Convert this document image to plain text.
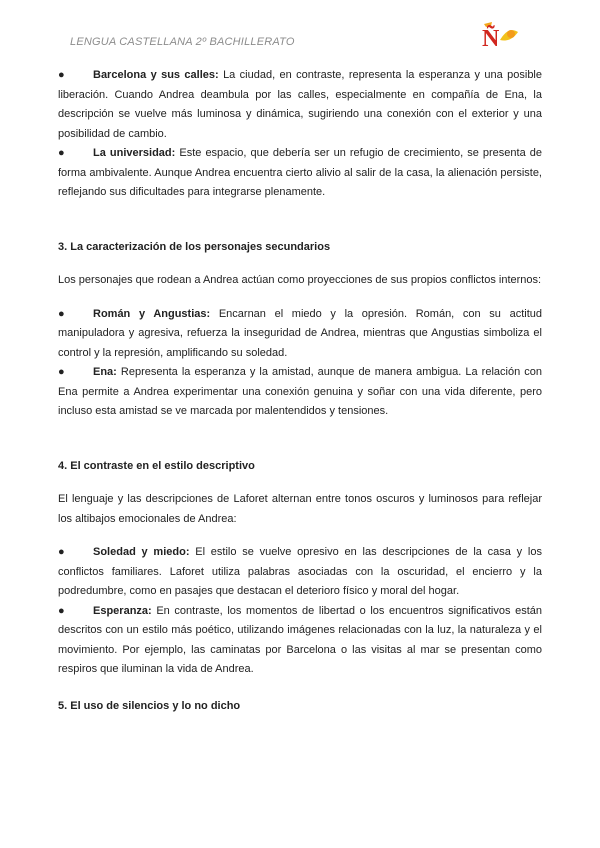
LENGUA CASTELLANA 2º BACHILLERATO	Ñ

●	Barcelona y sus calles: La ciudad, en contraste, representa la esperanza y una posible liberación. Cuando Andrea deambula por las calles, especialmente en compañía de Ena, la descripción se vuelve más luminosa y dinámica, sugiriendo una conexión con el exterior y una posibilidad de cambio.

●	La universidad: Este espacio, que debería ser un refugio de crecimiento, se presenta de forma ambivalente. Aunque Andrea encuentra cierto alivio al salir de la casa, la alienación persiste, reflejando sus dificultades para integrarse plenamente.

3. La caracterización de los personajes secundarios

Los personajes que rodean a Andrea actúan como proyecciones de sus propios conflictos internos:

●	Román y Angustias: Encarnan el miedo y la opresión. Román, con su actitud manipuladora y agresiva, refuerza la inseguridad de Andrea, mientras que Angustias simboliza el control y la represión, amplificando su soledad.

●	Ena: Representa la esperanza y la amistad, aunque de manera ambigua. La relación con Ena permite a Andrea experimentar una conexión genuina y soñar con una vida diferente, pero incluso esta amistad se ve marcada por malentendidos y tensiones.

4. El contraste en el estilo descriptivo

El lenguaje y las descripciones de Laforet alternan entre tonos oscuros y luminosos para reflejar los altibajos emocionales de Andrea:

●	Soledad y miedo: El estilo se vuelve opresivo en las descripciones de la casa y los conflictos familiares. Laforet utiliza palabras asociadas con la oscuridad, el encierro y la podredumbre, como en pasajes que destacan el deterioro físico y moral del hogar.

●	Esperanza: En contraste, los momentos de libertad o los encuentros significativos están descritos con un estilo más poético, utilizando imágenes relacionadas con la luz, la naturaleza y el movimiento. Por ejemplo, las caminatas por Barcelona o las visitas al mar se presentan como respiros que iluminan la vida de Andrea.

5. El uso de silencios y lo no dicho
